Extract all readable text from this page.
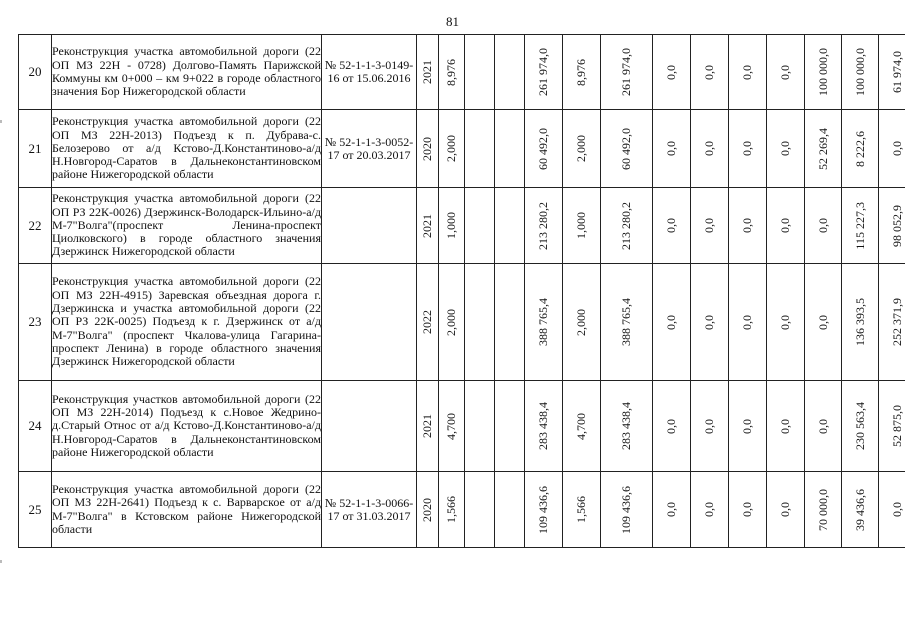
81
20	Реконструкция участка автомобильной дороги (22 ОП МЗ 22Н - 0728) Долгово-Память Парижской Коммуны км 0+000 – км 9+022 в городе областного значения Бор Нижегородской области	№ 52-1-1-3-0149-16 от 15.06.2016	2021	8,976			261 974,0	8,976	261 974,0	0,0	0,0	0,0	0,0	100 000,0	100 000,0	61 974,0

21	Реконструкция участка автомобильной дороги (22 ОП МЗ 22Н-2013) Подъезд к п. Дубрава-с. Белозерово от а/д Кстово-Д.Константиново-а/д Н.Новгород-Саратов в Дальнеконстантиновском районе Нижегородской области	№ 52-1-1-3-0052-17 от 20.03.2017	2020	2,000			60 492,0	2,000	60 492,0	0,0	0,0	0,0	0,0	52 269,4	8 222,6	0,0

22	Реконструкция участка автомобильной дороги (22 ОП РЗ 22К-0026) Дзержинск-Володарск-Ильино-а/д М-7"Волга"(проспект Ленина-проспект Циолковского) в городе областного значения Дзержинск Нижегородской области		2021	1,000			213 280,2	1,000	213 280,2	0,0	0,0	0,0	0,0	0,0	115 227,3	98 052,9

23	Реконструкция участка автомобильной дороги (22 ОП МЗ 22Н-4915) Заревская объездная дорога г. Дзержинска и участка автомобильной дороги (22 ОП РЗ 22К-0025) Подъезд к г. Дзержинск от а/д М-7"Волга" (проспект Чкалова-улица Гагарина-проспект Ленина) в городе областного значения Дзержинск Нижегородской области		2022	2,000			388 765,4	2,000	388 765,4	0,0	0,0	0,0	0,0	0,0	136 393,5	252 371,9

24	Реконструкция участков автомобильной дороги (22 ОП МЗ 22Н-2014) Подъезд к с.Новое Жедрино-д.Старый Относ от а/д Кстово-Д.Константиново-а/д Н.Новгород-Саратов в Дальнеконстантиновском районе Нижегородской области		2021	4,700			283 438,4	4,700	283 438,4	0,0	0,0	0,0	0,0	0,0	230 563,4	52 875,0

25	Реконструкция участка автомобильной дороги (22 ОП МЗ 22Н-2641) Подъезд к с. Варварское от а/д М-7"Волга" в Кстовском районе Нижегородской области	№ 52-1-1-3-0066-17 от 31.03.2017	2020	1,566			109 436,6	1,566	109 436,6	0,0	0,0	0,0	0,0	70 000,0	39 436,6	0,0
